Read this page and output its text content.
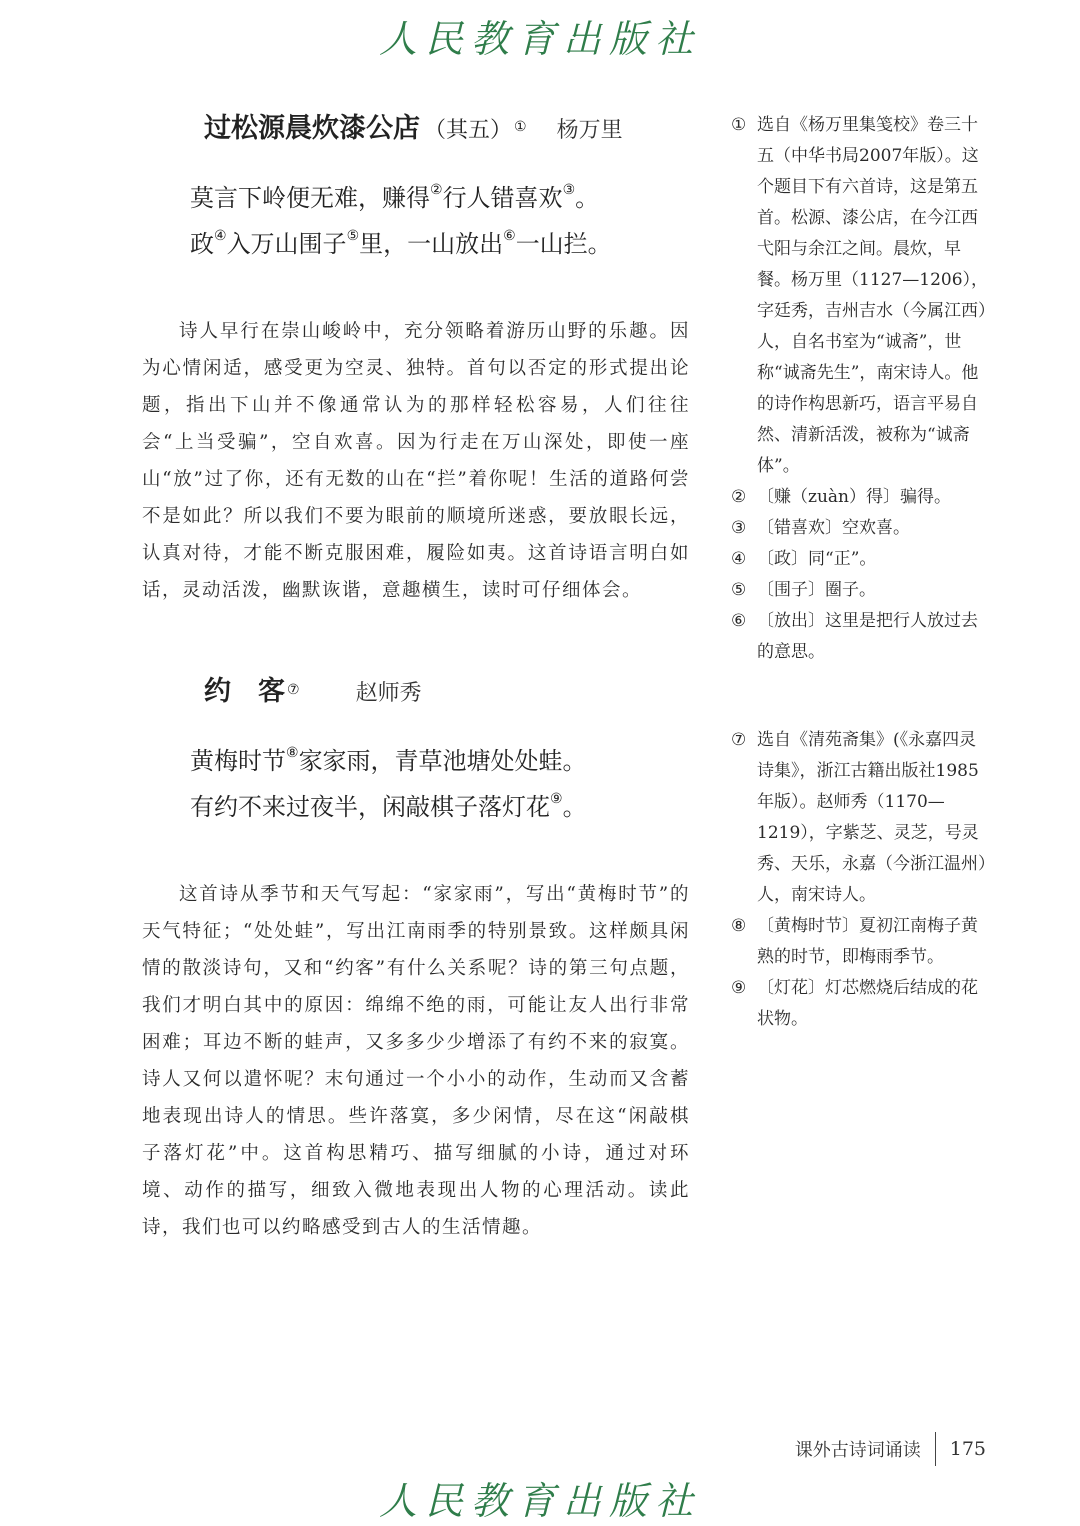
人民教育出版社
过松源晨炊漆公店 （其五）① 杨万里
莫言下岭便无难，赚得②行人错喜欢③。
政④入万山围子⑤里，一山放出⑥一山拦。
诗人早行在崇山峻岭中，充分领略着游历山野的乐趣。因为心情闲适，感受更为空灵、独特。首句以否定的形式提出论题，指出下山并不像通常认为的那样轻松容易，人们往往会“上当受骗”，空自欢喜。因为行走在万山深处，即使一座山“放”过了你，还有无数的山在“拦”着你呢！生活的道路何尝不是如此？所以我们不要为眼前的顺境所迷惑，要放眼长远，认真对待，才能不断克服困难，履险如夷。这首诗语言明白如话，灵动活泼，幽默诙谐，意趣横生，读时可仔细体会。
约　客⑦	赵师秀
黄梅时节⑧家家雨，青草池塘处处蛙。
有约不来过夜半，闲敲棋子落灯花⑨。
这首诗从季节和天气写起：“家家雨”，写出“黄梅时节”的天气特征；“处处蛙”，写出江南雨季的特别景致。这样颇具闲情的散淡诗句，又和“约客”有什么关系呢？诗的第三句点题，我们才明白其中的原因：绵绵不绝的雨，可能让友人出行非常困难；耳边不断的蛙声，又多多少少增添了有约不来的寂寞。诗人又何以遣怀呢？末句通过一个小小的动作，生动而又含蓄地表现出诗人的情思。些许落寞，多少闲情，尽在这“闲敲棋子落灯花”中。这首构思精巧、描写细腻的小诗，通过对环境、动作的描写，细致入微地表现出人物的心理活动。读此诗，我们也可以约略感受到古人的生活情趣。
① 选自《杨万里集笺校》卷三十五（中华书局2007年版）。这个题目下有六首诗，这是第五首。松源、漆公店，在今江西弋阳与余江之间。晨炊，早餐。杨万里（1127—1206），字廷秀，吉州吉水（今属江西）人，自名书室为“诚斋”，世称“诚斋先生”，南宋诗人。他的诗作构思新巧，语言平易自然、清新活泼，被称为“诚斋体”。
② 〔赚（zuàn）得〕骗得。
③ 〔错喜欢〕空欢喜。
④ 〔政〕同“正”。
⑤ 〔围子〕圈子。
⑥ 〔放出〕这里是把行人放过去的意思。
⑦ 选自《清苑斋集》(《永嘉四灵诗集》，浙江古籍出版社1985年版）。赵师秀（1170—1219），字紫芝、灵芝，号灵秀、天乐，永嘉（今浙江温州）人，南宋诗人。
⑧ 〔黄梅时节〕夏初江南梅子黄熟的时节，即梅雨季节。
⑨ 〔灯花〕灯芯燃烧后结成的花状物。
课外古诗词诵读 175
人民教育出版社
